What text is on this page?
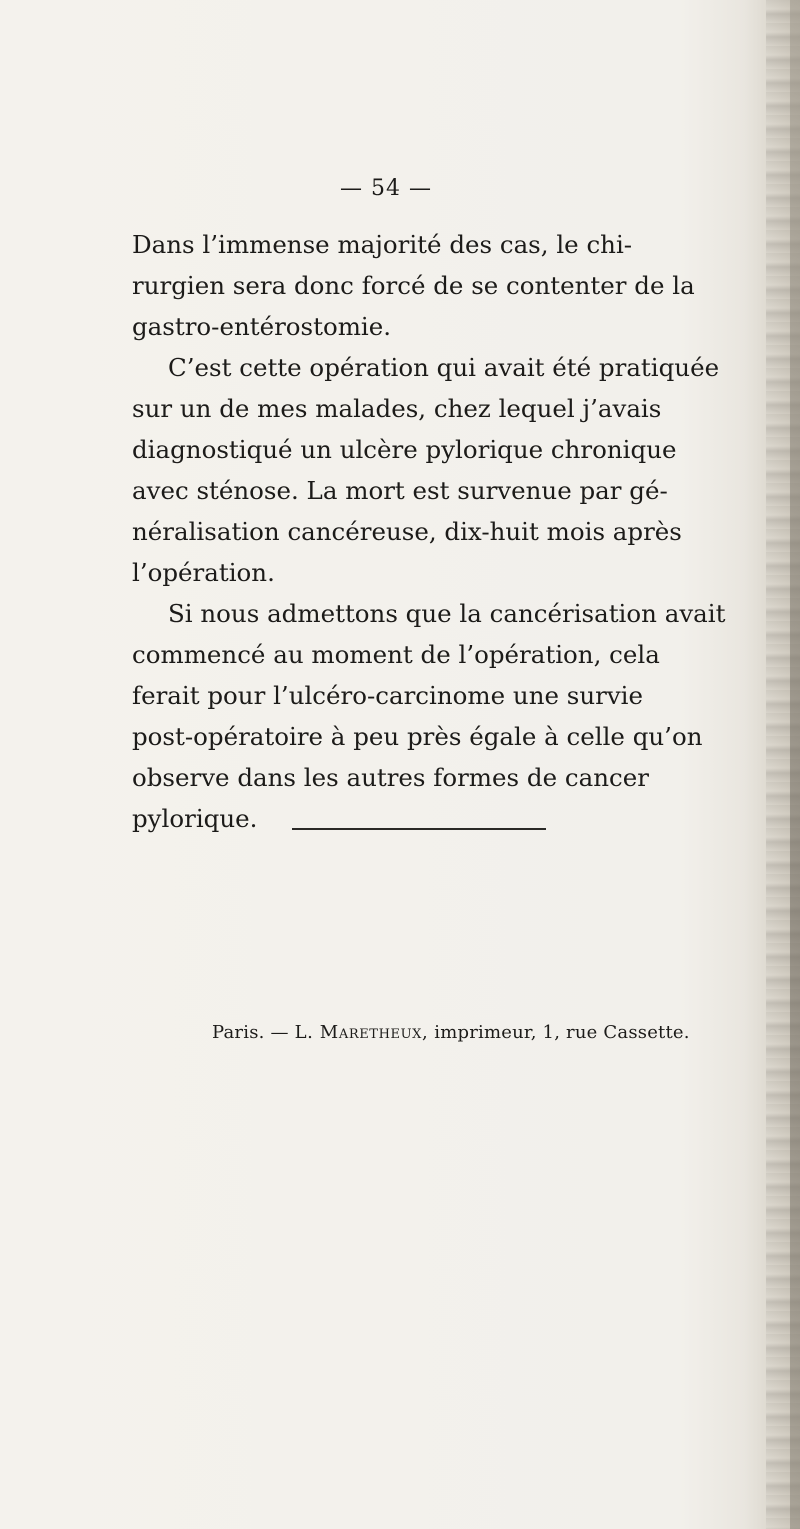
— 54 —

Dans l’immense majorité des cas, le chi-
rurgien sera donc forcé de se contenter de la
gastro-entérostomie.

C’est cette opération qui avait été pratiquée
sur un de mes malades, chez lequel j’avais
diagnostiqué un ulcère pylorique chronique
avec sténose. La mort est survenue par gé-
néralisation cancéreuse, dix-huit mois après
l’opération.

Si nous admettons que la cancérisation avait
commencé au moment de l’opération, cela
ferait pour l’ulcéro-carcinome une survie
post-opératoire à peu près égale à celle qu’on
observe dans les autres formes de cancer
pylorique.

Paris. — L. Maretheux, imprimeur, 1, rue Cassette.
